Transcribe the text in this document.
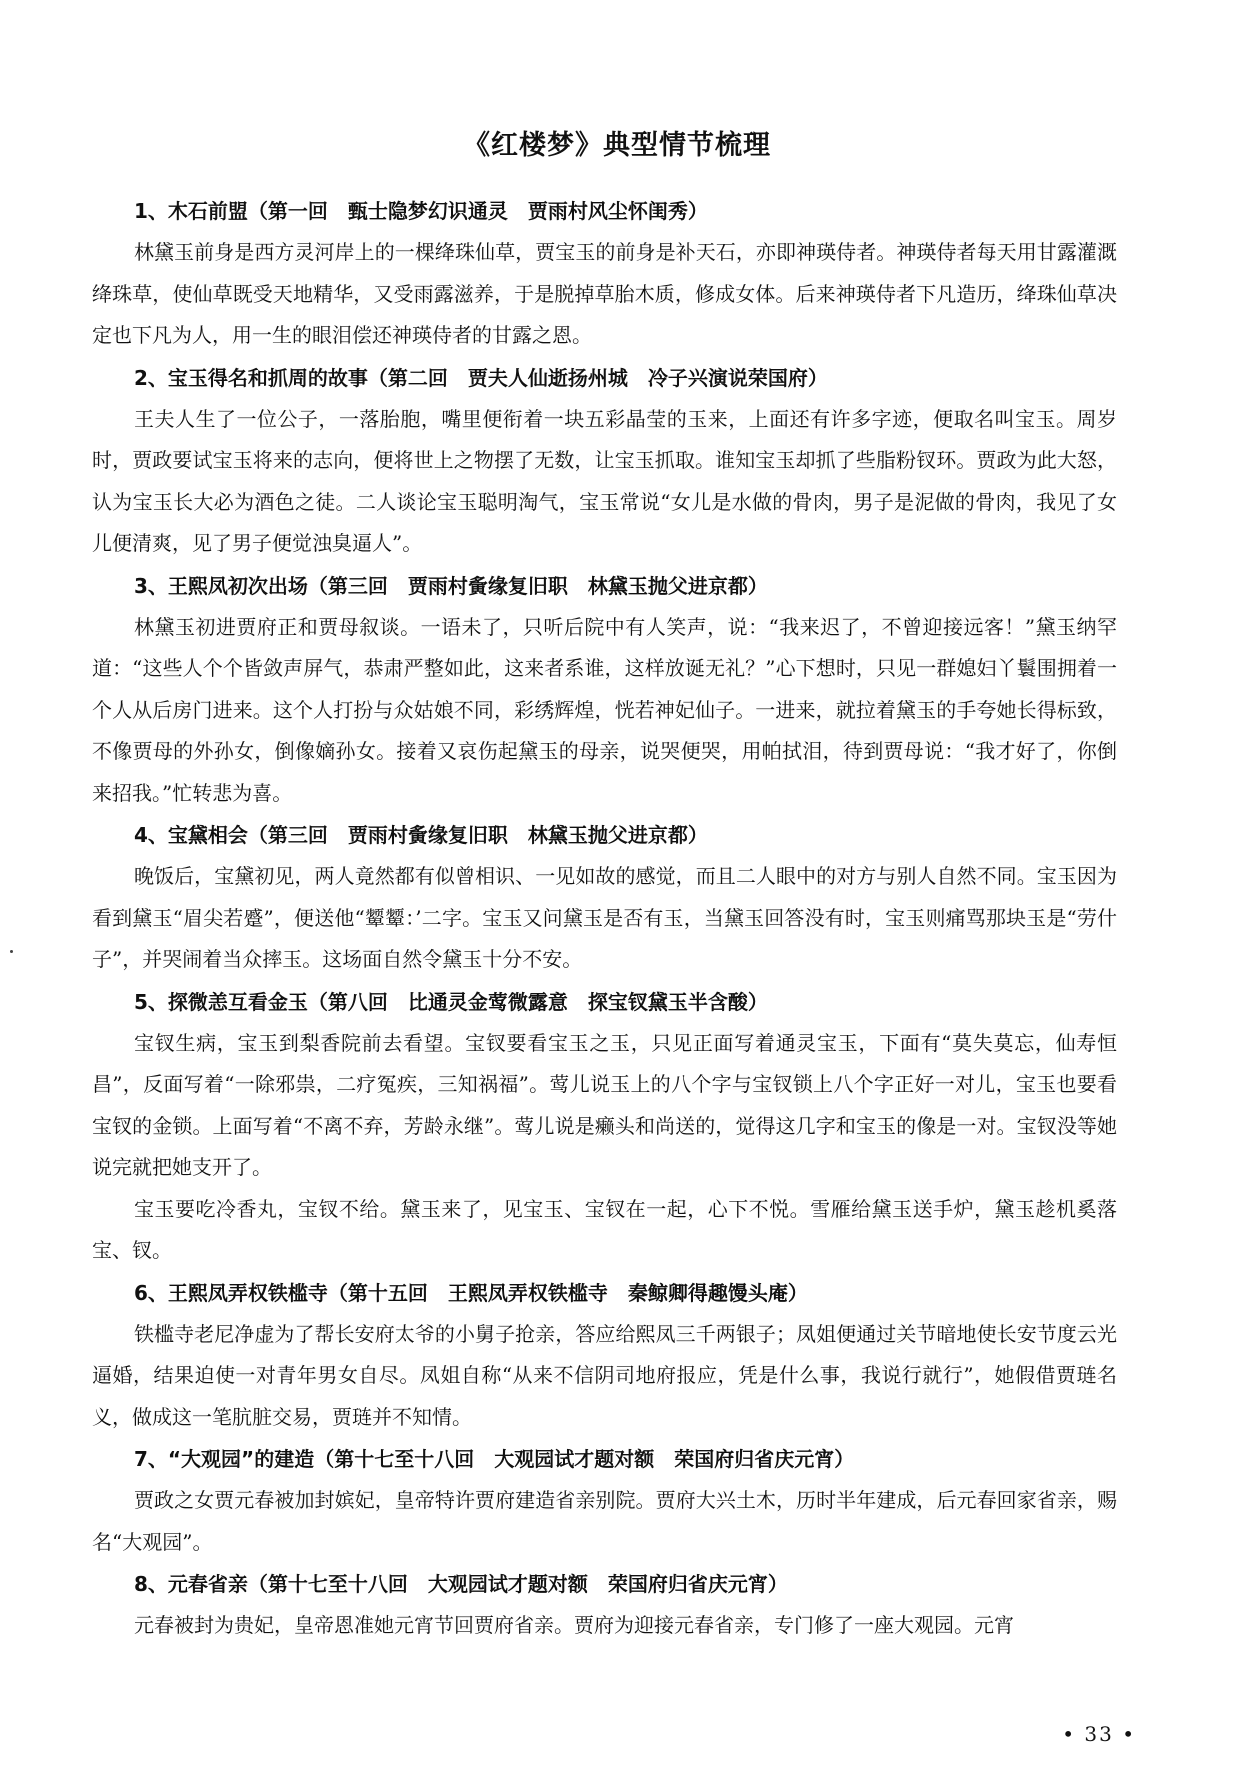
《红楼梦》典型情节梳理
1、木石前盟（第一回　甄士隐梦幻识通灵　贾雨村风尘怀闺秀）

林黛玉前身是西方灵河岸上的一棵绛珠仙草，贾宝玉的前身是补天石，亦即神瑛侍者。神瑛侍者每天用甘露灌溉绛珠草，使仙草既受天地精华，又受雨露滋养，于是脱掉草胎木质，修成女体。后来神瑛侍者下凡造历，绛珠仙草决定也下凡为人，用一生的眼泪偿还神瑛侍者的甘露之恩。

2、宝玉得名和抓周的故事（第二回　贾夫人仙逝扬州城　冷子兴演说荣国府）

王夫人生了一位公子，一落胎胞，嘴里便衔着一块五彩晶莹的玉来，上面还有许多字迹，便取名叫宝玉。周岁时，贾政要试宝玉将来的志向，便将世上之物摆了无数，让宝玉抓取。谁知宝玉却抓了些脂粉钗环。贾政为此大怒，认为宝玉长大必为酒色之徒。二人谈论宝玉聪明淘气，宝玉常说“女儿是水做的骨肉，男子是泥做的骨肉，我见了女儿便清爽，见了男子便觉浊臭逼人”。

3、王熙凤初次出场（第三回　贾雨村夤缘复旧职　林黛玉抛父进京都）

林黛玉初进贾府正和贾母叙谈。一语未了，只听后院中有人笑声，说：“我来迟了，不曾迎接远客！”黛玉纳罕道：“这些人个个皆敛声屏气，恭肃严整如此，这来者系谁，这样放诞无礼？”心下想时，只见一群媳妇丫鬟围拥着一个人从后房门进来。这个人打扮与众姑娘不同，彩绣辉煌，恍若神妃仙子。一进来，就拉着黛玉的手夸她长得标致，不像贾母的外孙女，倒像嫡孙女。接着又哀伤起黛玉的母亲，说哭便哭，用帕拭泪，待到贾母说：“我才好了，你倒来招我。”忙转悲为喜。

4、宝黛相会（第三回　贾雨村夤缘复旧职　林黛玉抛父进京都）

晚饭后，宝黛初见，两人竟然都有似曾相识、一见如故的感觉，而且二人眼中的对方与别人自然不同。宝玉因为看到黛玉“眉尖若蹙”，便送他“颦颦：’二字。宝玉又问黛玉是否有玉，当黛玉回答没有时，宝玉则痛骂那块玉是“劳什子”，并哭闹着当众摔玉。这场面自然令黛玉十分不安。

5、探微恙互看金玉（第八回　比通灵金莺微露意　探宝钗黛玉半含酸）

宝钗生病，宝玉到梨香院前去看望。宝钗要看宝玉之玉，只见正面写着通灵宝玉，下面有“莫失莫忘，仙寿恒昌”，反面写着“一除邪祟，二疗冤疾，三知祸福”。莺儿说玉上的八个字与宝钗锁上八个字正好一对儿，宝玉也要看宝钗的金锁。上面写着“不离不弃，芳龄永继”。莺儿说是癞头和尚送的，觉得这几字和宝玉的像是一对。宝钗没等她说完就把她支开了。

宝玉要吃冷香丸，宝钗不给。黛玉来了，见宝玉、宝钗在一起，心下不悦。雪雁给黛玉送手炉，黛玉趁机奚落宝、钗。

6、王熙凤弄权铁槛寺（第十五回　王熙凤弄权铁槛寺　秦鲸卿得趣馒头庵）

铁槛寺老尼净虚为了帮长安府太爷的小舅子抢亲，答应给熙凤三千两银子；凤姐便通过关节暗地使长安节度云光逼婚，结果迫使一对青年男女自尽。凤姐自称“从来不信阴司地府报应，凭是什么事，我说行就行”，她假借贾琏名义，做成这一笔肮脏交易，贾琏并不知情。

7、“大观园”的建造（第十七至十八回　大观园试才题对额　荣国府归省庆元宵）

贾政之女贾元春被加封嫔妃，皇帝特许贾府建造省亲别院。贾府大兴土木，历时半年建成，后元春回家省亲，赐名“大观园”。

8、元春省亲（第十七至十八回　大观园试才题对额　荣国府归省庆元宵）

元春被封为贵妃，皇帝恩准她元宵节回贾府省亲。贾府为迎接元春省亲，专门修了一座大观园。元宵

• 33 •
